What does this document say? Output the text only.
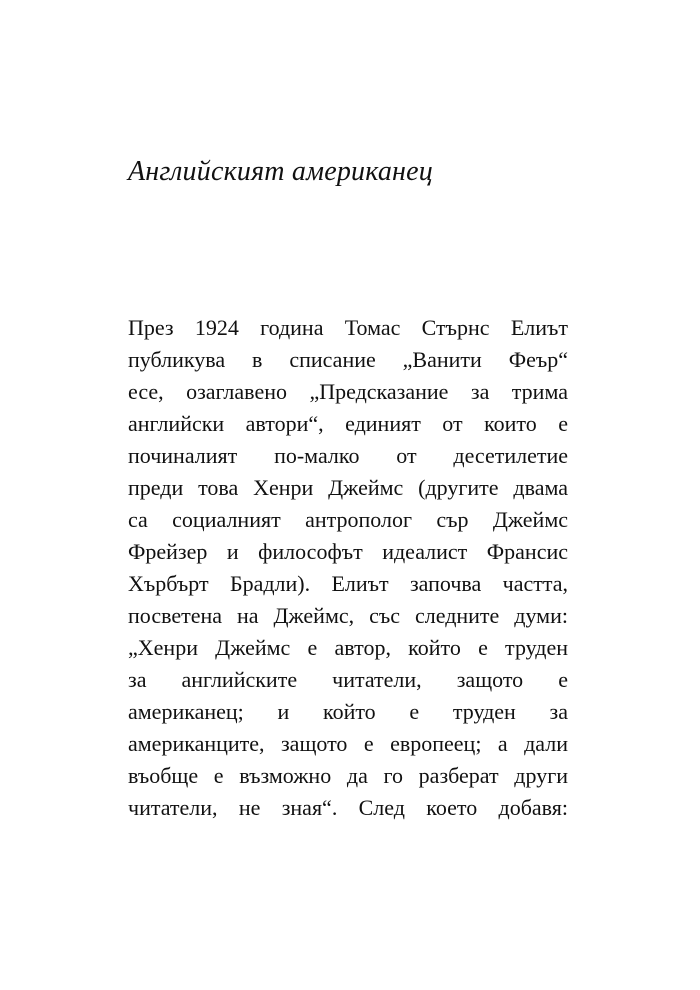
Английският американец
През 1924 година Томас Стърнс Елиът
публикува в списание „Ванити Феър“
есе, озаглавено „Предсказание за трима
английски автори“, единият от които е
починалият по-малко от десетилетие
преди това Хенри Джеймс (другите двама
са социалният антрополог сър Джеймс
Фрейзер и философът идеалист Франсис
Хърбърт Брадли). Елиът започва частта,
посветена на Джеймс, със следните думи:
„Хенри Джеймс е автор, който е труден
за английските читатели, защото е
американец; и който е труден за
американците, защото е европеец; а дали
въобще е възможно да го разберат други
читатели, не зная“. След което добавя:
